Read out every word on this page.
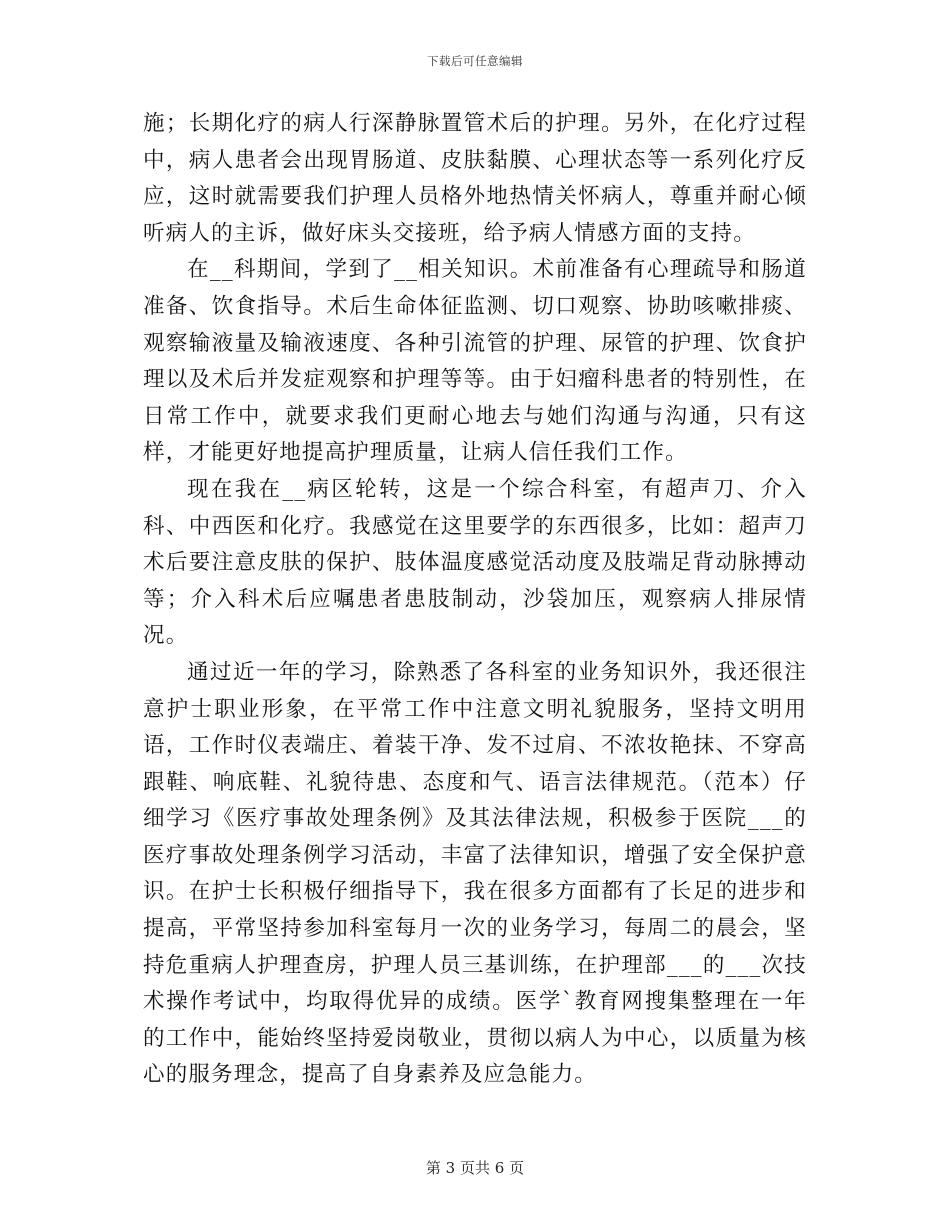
下载后可任意编辑

施；长期化疗的病人行深静脉置管术后的护理。另外，在化疗过程中，病人患者会出现胃肠道、皮肤黏膜、心理状态等一系列化疗反应，这时就需要我们护理人员格外地热情关怀病人，尊重并耐心倾听病人的主诉，做好床头交接班，给予病人情感方面的支持。

在__科期间，学到了__相关知识。术前准备有心理疏导和肠道准备、饮食指导。术后生命体征监测、切口观察、协助咳嗽排痰、观察输液量及输液速度、各种引流管的护理、尿管的护理、饮食护理以及术后并发症观察和护理等等。由于妇瘤科患者的特别性，在日常工作中，就要求我们更耐心地去与她们沟通与沟通，只有这样，才能更好地提高护理质量，让病人信任我们工作。

现在我在__病区轮转，这是一个综合科室，有超声刀、介入科、中西医和化疗。我感觉在这里要学的东西很多，比如：超声刀术后要注意皮肤的保护、肢体温度感觉活动度及肢端足背动脉搏动等；介入科术后应嘱患者患肢制动，沙袋加压，观察病人排尿情况。

通过近一年的学习，除熟悉了各科室的业务知识外，我还很注意护士职业形象，在平常工作中注意文明礼貌服务，坚持文明用语，工作时仪表端庄、着装干净、发不过肩、不浓妆艳抹、不穿高跟鞋、响底鞋、礼貌待患、态度和气、语言法律规范。（范本）仔细学习《医疗事故处理条例》及其法律法规，积极参于医院___的医疗事故处理条例学习活动，丰富了法律知识，增强了安全保护意识。在护士长积极仔细指导下，我在很多方面都有了长足的进步和提高，平常坚持参加科室每月一次的业务学习，每周二的晨会，坚持危重病人护理查房，护理人员三基训练，在护理部___的___次技术操作考试中，均取得优异的成绩。医学`教育网搜集整理在一年的工作中，能始终坚持爱岗敬业，贯彻以病人为中心，以质量为核心的服务理念，提高了自身素养及应急能力。

第 3 页共 6 页
